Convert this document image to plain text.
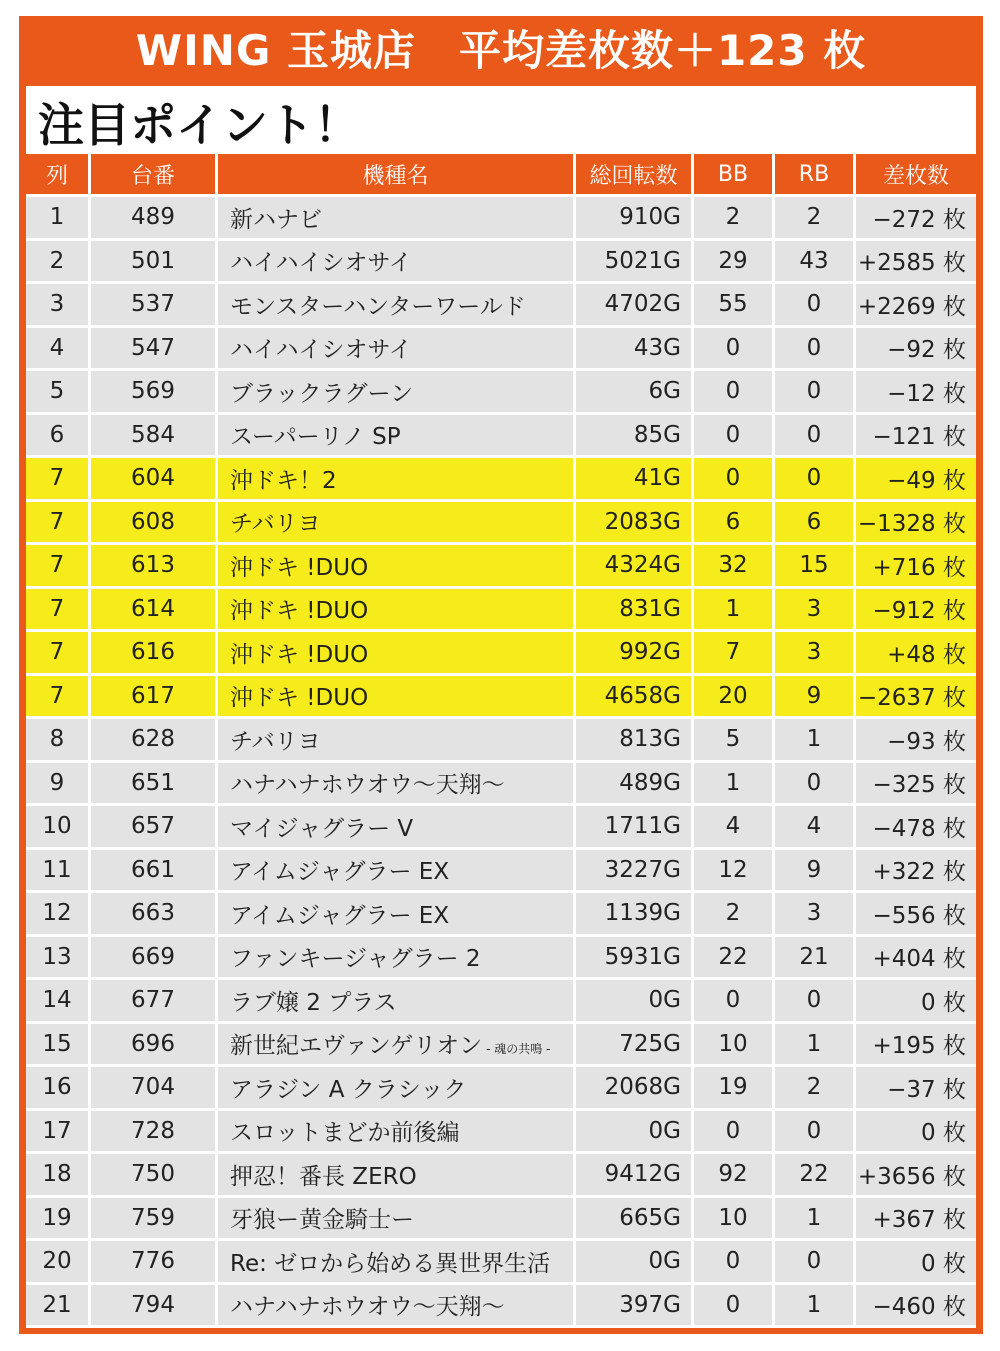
WING 玉城店　平均差枚数＋123 枚
注目ポイント！
列	台番	機種名	総回転数	BB	RB	差枚数
1	489	新ハナビ	910G	2	2	−272 枚
2	501	ハイハイシオサイ	5021G	29	43	+2585 枚
3	537	モンスターハンターワールド	4702G	55	0	+2269 枚
4	547	ハイハイシオサイ	43G	0	0	−92 枚
5	569	ブラックラグーン	6G	0	0	−12 枚
6	584	スーパーリノ SP	85G	0	0	−121 枚
7	604	沖ドキ！2	41G	0	0	−49 枚
7	608	チバリヨ	2083G	6	6	−1328 枚
7	613	沖ドキ !DUO	4324G	32	15	+716 枚
7	614	沖ドキ !DUO	831G	1	3	−912 枚
7	616	沖ドキ !DUO	992G	7	3	+48 枚
7	617	沖ドキ !DUO	4658G	20	9	−2637 枚
8	628	チバリヨ	813G	5	1	−93 枚
9	651	ハナハナホウオウ〜天翔〜	489G	1	0	−325 枚
10	657	マイジャグラー V	1711G	4	4	−478 枚
11	661	アイムジャグラー EX	3227G	12	9	+322 枚
12	663	アイムジャグラー EX	1139G	2	3	−556 枚
13	669	ファンキージャグラー 2	5931G	22	21	+404 枚
14	677	ラブ嬢 2 プラス	0G	0	0	0 枚
15	696	新世紀エヴァンゲリオン - 魂の共鳴 -	725G	10	1	+195 枚
16	704	アラジン A クラシック	2068G	19	2	−37 枚
17	728	スロットまどか前後編	0G	0	0	0 枚
18	750	押忍！番長 ZERO	9412G	92	22	+3656 枚
19	759	牙狼ー黄金騎士ー	665G	10	1	+367 枚
20	776	Re: ゼロから始める異世界生活	0G	0	0	0 枚
21	794	ハナハナホウオウ〜天翔〜	397G	0	1	−460 枚
